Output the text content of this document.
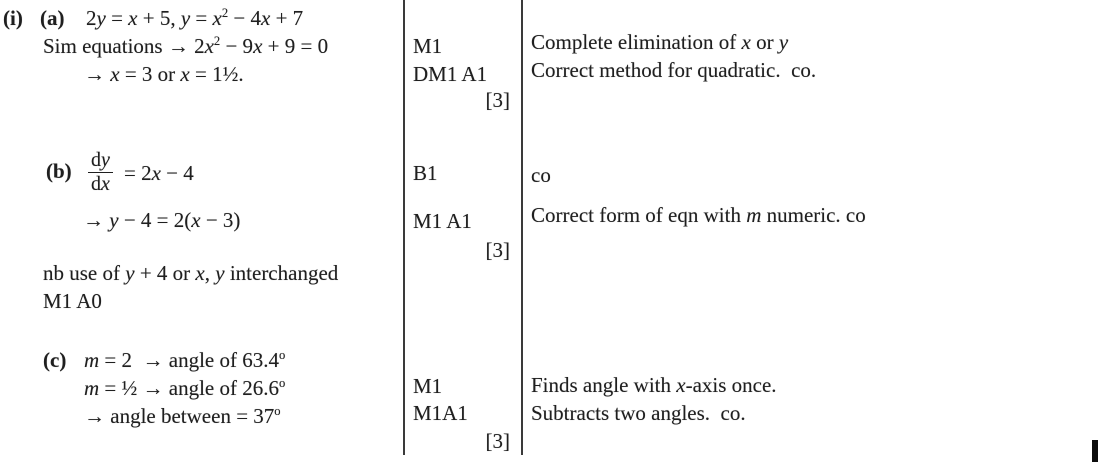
(i) (a) 2y = x + 5, $y = x^2 - 4x + 7$
Sim equations → $2x^2 - 9x + 9 = 0$
→ x = 3 or x = 1½.
M1
DM1 A1
[3]
Complete elimination of x or y
Correct method for quadratic.  co.
$(b) \frac{dy}{dx} = 2x - 4$
→ y − 4 = 2(x − 3)
nb use of y + 4 or x, y interchanged
M1 A0
B1
M1 A1
[3]
co
Correct form of eqn with m numeric. co
(c) m = 2  → angle of 63.4$^o$
m = ½ → angle of $26.6^o$
→ angle between = $37^o$
M1
M1A1
[3]
Finds angle with x-axis once.
Subtracts two angles.  co.
